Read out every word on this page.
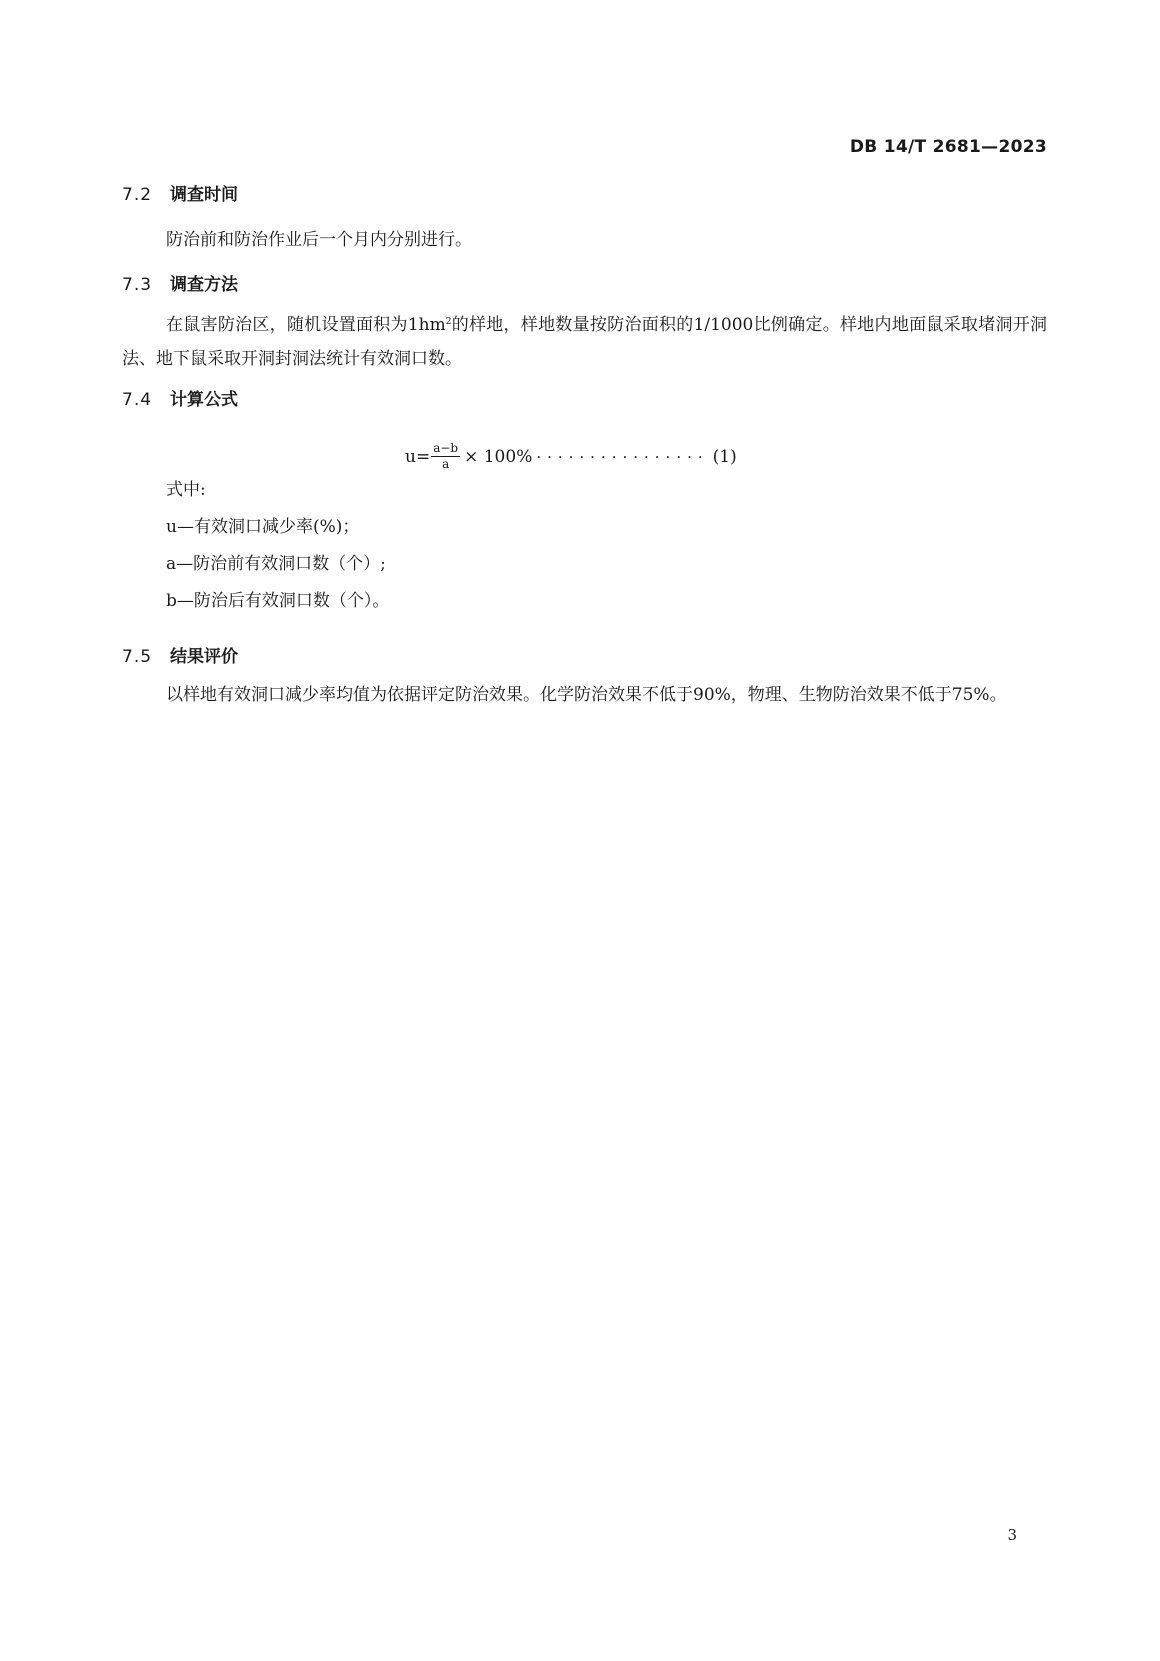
DB 14/T 2681—2023
7.2 调查时间
防治前和防治作业后一个月内分别进行。
7.3 调查方法
在鼠害防治区，随机设置面积为$1hm^2$的样地，样地数量按防治面积的1/1000比例确定。样地内地面鼠采取堵洞开洞法、地下鼠采取开洞封洞法统计有效洞口数。
7.4 计算公式
$u= \frac{a-b}{a} \times 100\%$ ················ (1)
式中:
u—有效洞口减少率(%)；
a—防治前有效洞口数（个）;
b—防治后有效洞口数（个）。
7.5 结果评价
以样地有效洞口减少率均值为依据评定防治效果。化学防治效果不低于90%，物理、生物防治效果不低于75%。
3
